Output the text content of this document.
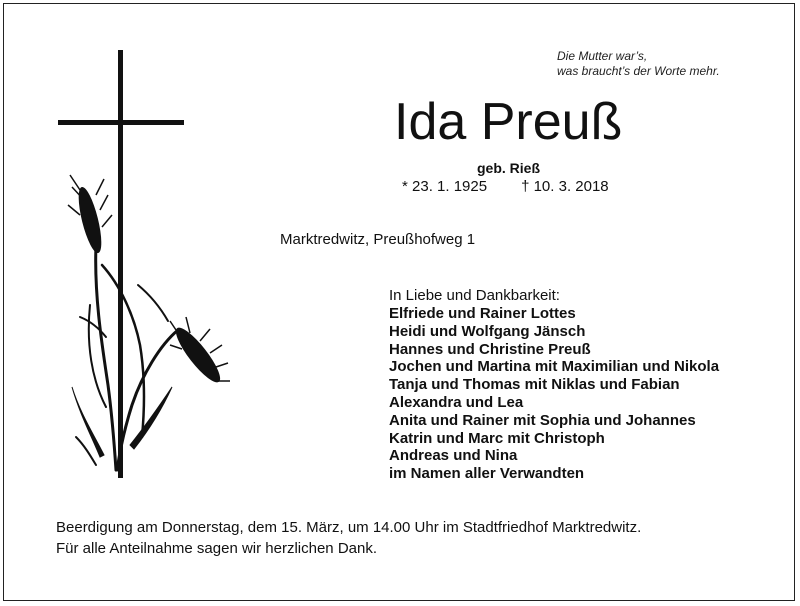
Die Mutter war’s,
was braucht’s der Worte mehr.
Ida Preuß
geb. Rieß
* 23. 1. 1925 † 10. 3. 2018
Marktredwitz, Preußhofweg 1
In Liebe und Dankbarkeit:
Elfriede und Rainer Lottes
Heidi und Wolfgang Jänsch
Hannes und Christine Preuß
Jochen und Martina mit Maximilian und Nikola
Tanja und Thomas mit Niklas und Fabian
Alexandra und Lea
Anita und Rainer mit Sophia und Johannes
Katrin und Marc mit Christoph
Andreas und Nina
im Namen aller Verwandten
Beerdigung am Donnerstag, dem 15. März, um 14.00 Uhr im Stadtfriedhof Marktredwitz.
Für alle Anteilnahme sagen wir herzlichen Dank.
